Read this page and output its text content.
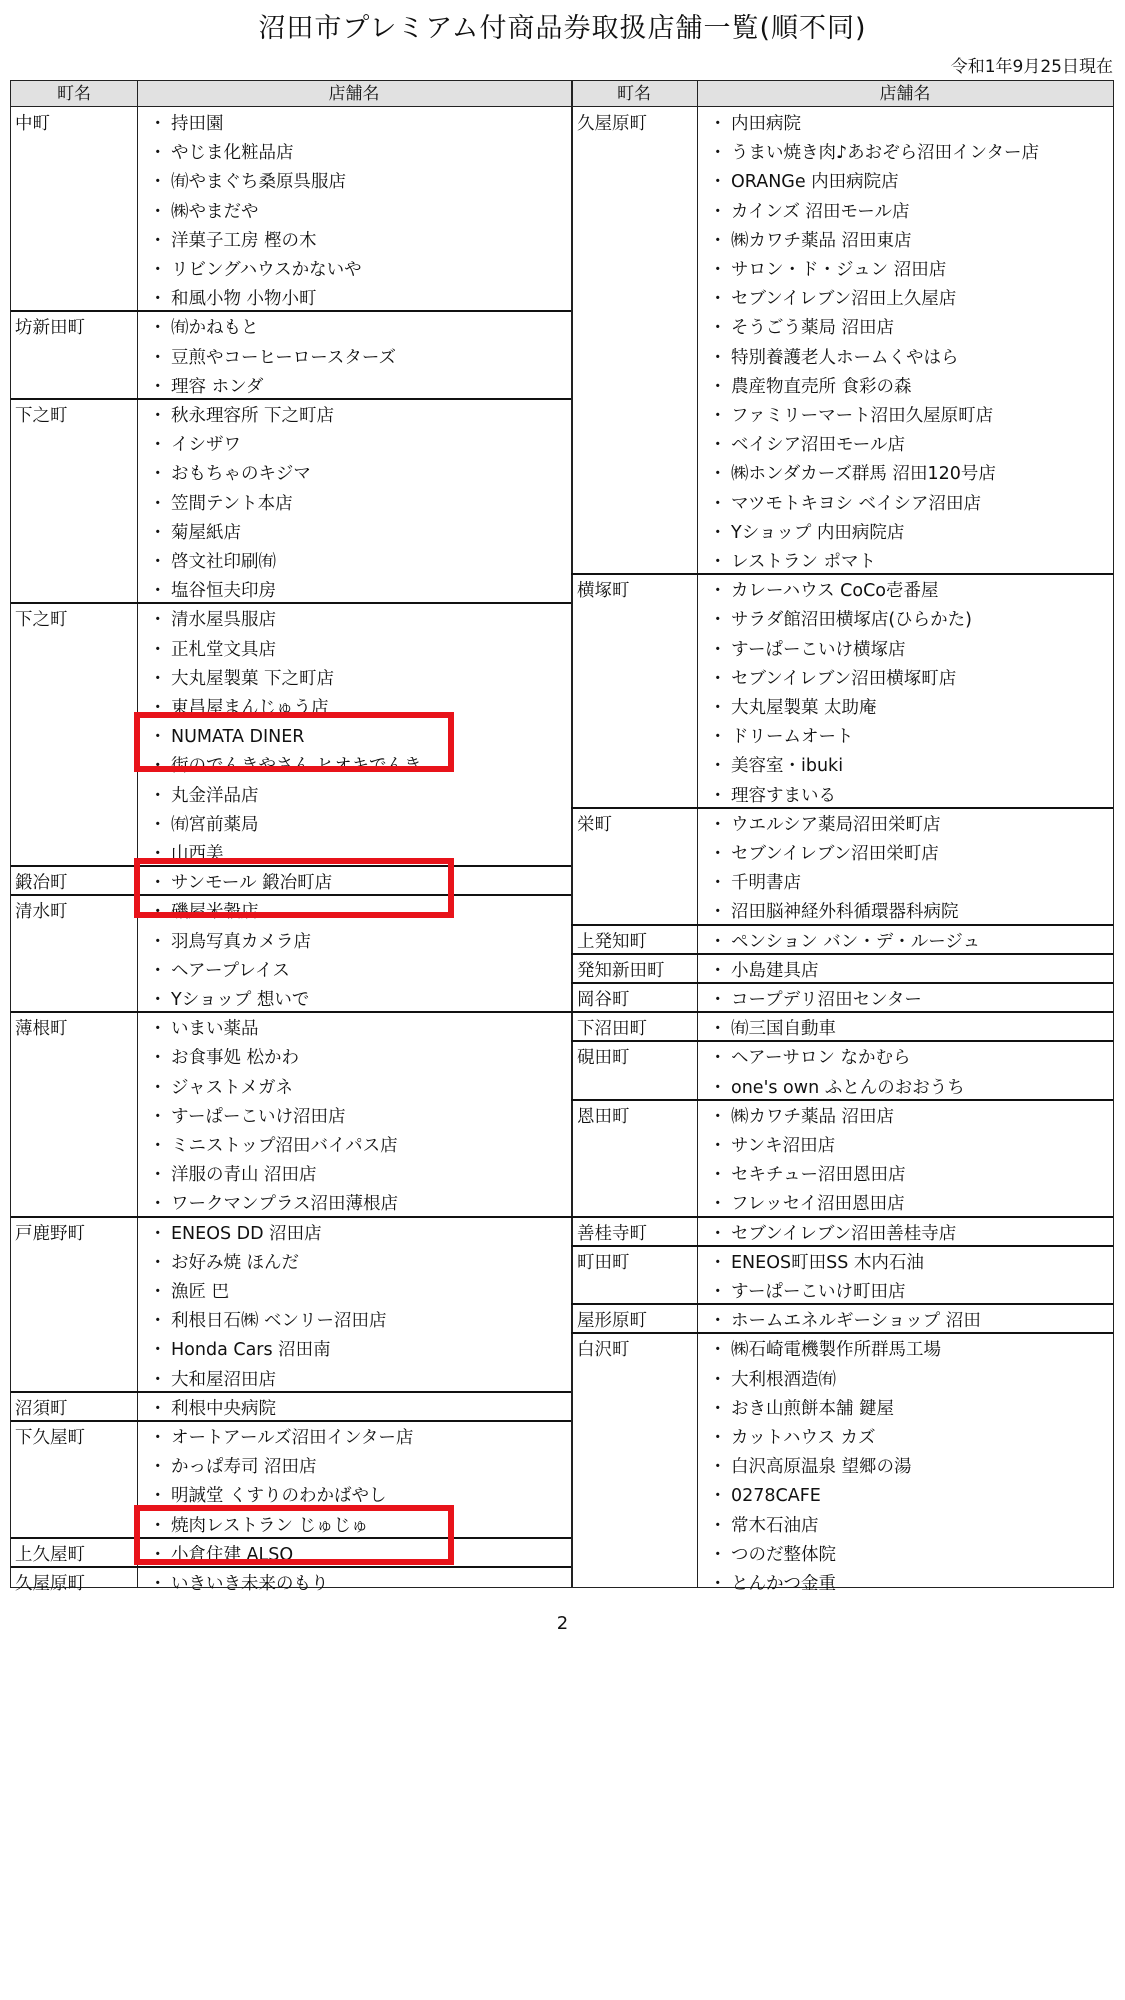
沼田市プレミアム付商品券取扱店舗一覧(順不同)
令和1年9月25日現在
町名	店舗名	町名	店舗名
中町	・ 持田園
・ やじま化粧品店
・ ㈲やまぐち桑原呉服店
・ ㈱やまだや
・ 洋菓子工房 樫の木
・ リビングハウスかないや
・ 和風小物 小物小町
坊新田町	・ ㈲かねもと
・ 豆煎やコーヒーロースターズ
・ 理容 ホンダ
下之町	・ 秋永理容所 下之町店
・ イシザワ
・ おもちゃのキジマ
・ 笠間テント本店
・ 菊屋紙店
・ 啓文社印刷㈲
・ 塩谷恒夫印房
下之町	・ 清水屋呉服店
・ 正札堂文具店
・ 大丸屋製菓 下之町店
・ 東昌屋まんじゅう店
・ NUMATA DINER
・ 街のでんきやさん ヒオキでんき
・ 丸金洋品店
・ ㈲宮前薬局
・ 山西美
鍛冶町	・ サンモール 鍛冶町店
清水町	・ 磯屋米穀店
・ 羽鳥写真カメラ店
・ ヘアープレイス
・ Yショップ 想いで
薄根町	・ いまい薬品
・ お食事処 松かわ
・ ジャストメガネ
・ すーぱーこいけ沼田店
・ ミニストップ沼田バイパス店
・ 洋服の青山 沼田店
・ ワークマンプラス沼田薄根店
戸鹿野町	・ ENEOS DD 沼田店
・ お好み焼 ほんだ
・ 漁匠 巴
・ 利根日石㈱ ベンリー沼田店
・ Honda Cars 沼田南
・ 大和屋沼田店
沼須町	・ 利根中央病院
下久屋町	・ オートアールズ沼田インター店
・ かっぱ寿司 沼田店
・ 明誠堂 くすりのわかばやし
・ 焼肉レストラン じゅじゅ
上久屋町	・ 小倉住建 ALSO
久屋原町	・ いきいき未来のもり
久屋原町	・ 内田病院
・ うまい焼き肉♪あおぞら沼田インター店
・ ORANGe 内田病院店
・ カインズ 沼田モール店
・ ㈱カワチ薬品 沼田東店
・ サロン・ド・ジュン 沼田店
・ セブンイレブン沼田上久屋店
・ そうごう薬局 沼田店
・ 特別養護老人ホームくやはら
・ 農産物直売所 食彩の森
・ ファミリーマート沼田久屋原町店
・ ベイシア沼田モール店
・ ㈱ホンダカーズ群馬 沼田120号店
・ マツモトキヨシ ベイシア沼田店
・ Yショップ 内田病院店
・ レストラン ポマト
横塚町	・ カレーハウス CoCo壱番屋
・ サラダ館沼田横塚店(ひらかた)
・ すーぱーこいけ横塚店
・ セブンイレブン沼田横塚町店
・ 大丸屋製菓 太助庵
・ ドリームオート
・ 美容室・ibuki
・ 理容すまいる
栄町	・ ウエルシア薬局沼田栄町店
・ セブンイレブン沼田栄町店
・ 千明書店
・ 沼田脳神経外科循環器科病院
上発知町	・ ペンション バン・デ・ルージュ
発知新田町	・ 小島建具店
岡谷町	・ コープデリ沼田センター
下沼田町	・ ㈲三国自動車
硯田町	・ ヘアーサロン なかむら
・ one's own ふとんのおおうち
恩田町	・ ㈱カワチ薬品 沼田店
・ サンキ沼田店
・ セキチュー沼田恩田店
・ フレッセイ沼田恩田店
善桂寺町	・ セブンイレブン沼田善桂寺店
町田町	・ ENEOS町田SS 木内石油
・ すーぱーこいけ町田店
屋形原町	・ ホームエネルギーショップ 沼田
白沢町	・ ㈱石崎電機製作所群馬工場
・ 大利根酒造㈲
・ おき山煎餅本舗 鍵屋
・ カットハウス カズ
・ 白沢高原温泉 望郷の湯
・ 0278CAFE
・ 常木石油店
・ つのだ整体院
・ とんかつ金重
2
